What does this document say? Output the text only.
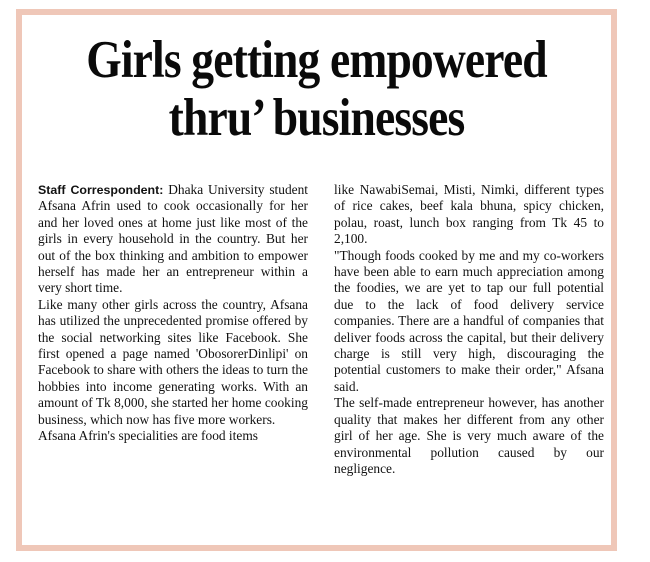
Girls getting empowered
thru’ businesses

Staff Correspondent: Dhaka University student Afsana Afrin used to cook occasionally for her and her loved ones at home just like most of the girls in every household in the country. But her out of the box thinking and ambition to empower herself has made her an entrepreneur within a very short time.

Like many other girls across the country, Afsana has utilized the unprecedented promise offered by the social networking sites like Facebook. She first opened a page named 'ObosorerDinlipi' on Facebook to share with others the ideas to turn the hobbies into income generating works. With an amount of Tk 8,000, she started her home cooking business, which now has five more workers.

Afsana Afrin's specialities are food items

like NawabiSemai, Misti, Nimki, different types of rice cakes, beef kala bhuna, spicy chicken, polau, roast, lunch box ranging from Tk 45 to 2,100.

"Though foods cooked by me and my co-workers have been able to earn much appreciation among the foodies, we are yet to tap our full potential due to the lack of food delivery service companies. There are a handful of companies that deliver foods across the capital, but their delivery charge is still very high, discouraging the potential customers to make their order," Afsana said.

The self-made entrepreneur however, has another quality that makes her different from any other girl of her age. She is very much aware of the environmental pollution caused by our negligence.
